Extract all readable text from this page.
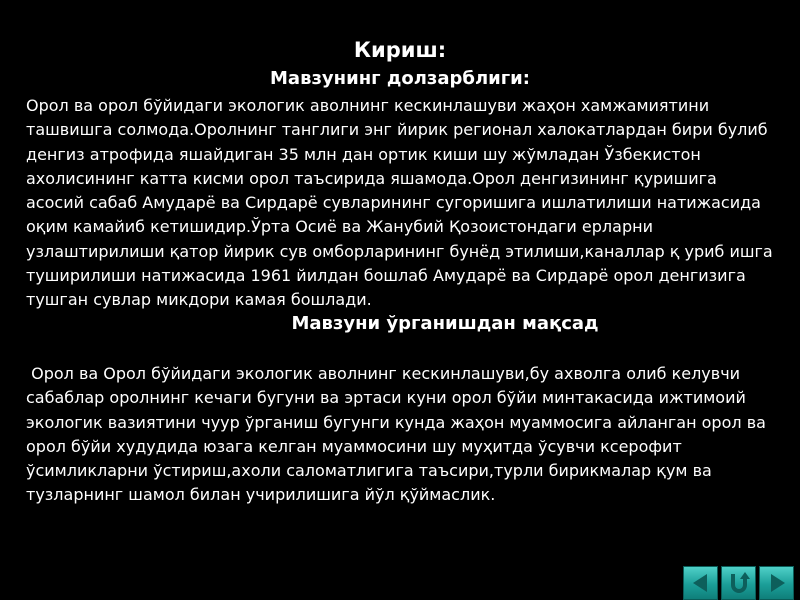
Кириш:
Мавзунинг долзарблиги:

Орол ва орол бўйидаги экологик аволнинг кескинлашуви жаҳон хамжамиятини ташвишга солмода.Оролнинг танглиги энг йирик регионал халокатлардан бири булиб денгиз атрофида яшайдиган 35 млн дан ортик киши шу жўмладан Ўзбекистон ахолисининг катта кисми орол таъсирида яшамода.Орол денгизининг қуришига асосий сабаб Амударё ва Сирдарё сувларининг сугоришига ишлатилиши натижасида оқим камайиб кетишидир.Ўрта Осиё ва Жанубий Қозоистондаги ерларни узлаштирилиши қатор йирик сув омборларининг бунёд этилиши,каналлар қ уриб ишга туширилиши натижасида 1961 йилдан бошлаб Амударё ва Сирдарё орол денгизига тушган сувлар микдори камая бошлади.

Мавзуни ўрганишдан мақсад

Орол ва Орол бўйидаги экологик аволнинг кескинлашуви,бу ахволга олиб келувчи сабаблар оролнинг кечаги бугуни ва эртаси куни орол бўйи минтакасида ижтимоий экологик вазиятини чуур ўрганиш бугунги кунда жаҳон муаммосига айланган орол ва орол бўйи худудида юзага келган муаммосини шу муҳитда ўсувчи ксерофит ўсимликларни ўстириш,ахоли саломатлигига таъсири,турли бирикмалар қум ва тузларнинг шамол билан учирилишига йўл қўймаслик.
